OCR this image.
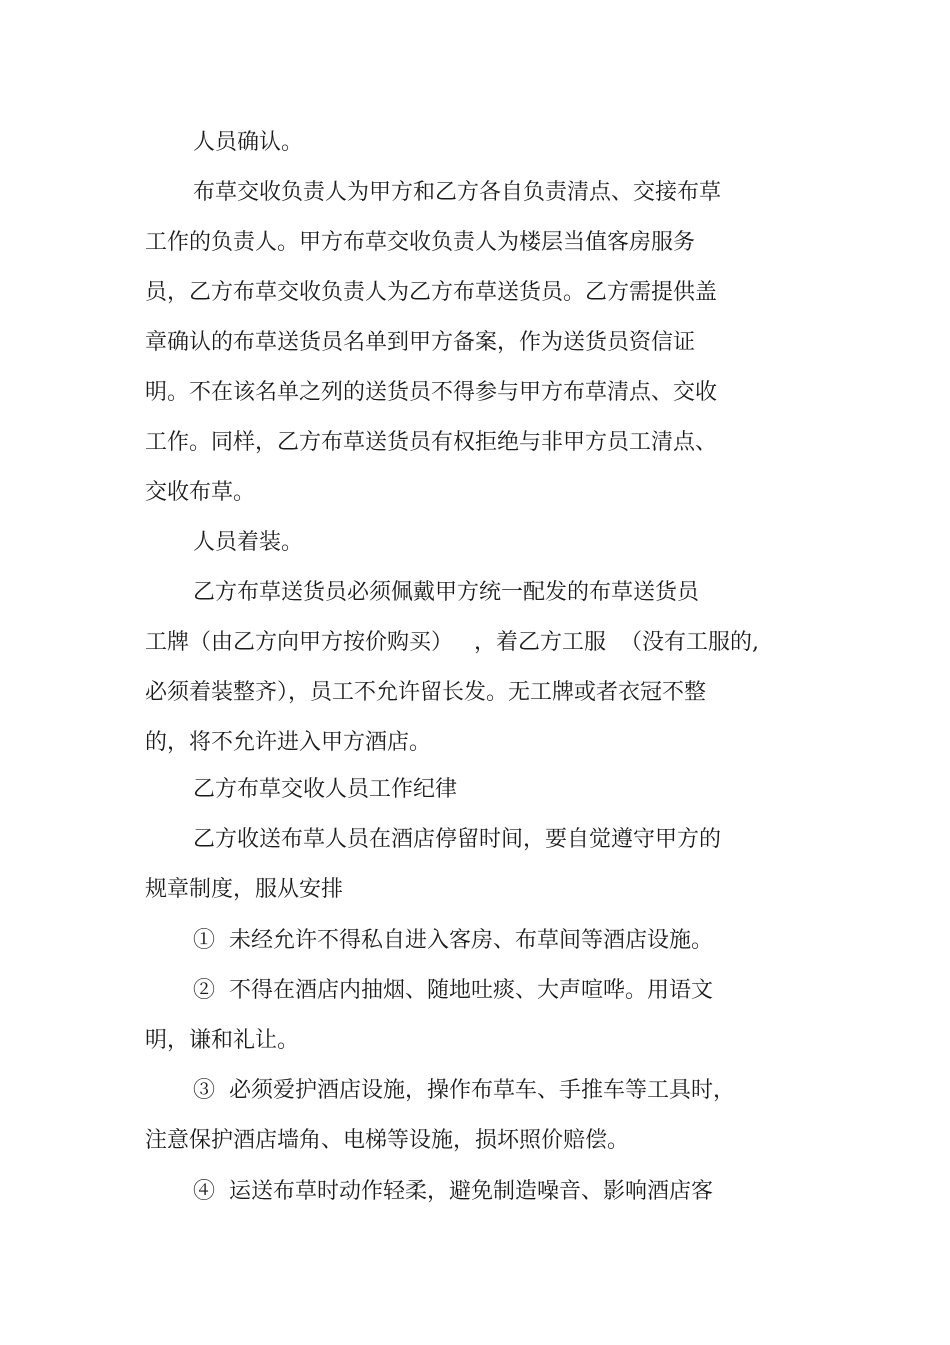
人员确认。
布草交收负责人为甲方和乙方各自负责清点、交接布草
工作的负责人。甲方布草交收负责人为楼层当值客房服务
员，乙方布草交收负责人为乙方布草送货员。乙方需提供盖
章确认的布草送货员名单到甲方备案，作为送货员资信证
明。不在该名单之列的送货员不得参与甲方布草清点、交收
工作。同样，乙方布草送货员有权拒绝与非甲方员工清点、
交收布草。
人员着装。
乙方布草送货员必须佩戴甲方统一配发的布草送货员
工牌（由乙方向甲方按价购买）   ，着乙方工服  （没有工服的,
必须着装整齐），员工不允许留长发。无工牌或者衣冠不整
的，将不允许进入甲方酒店。
乙方布草交收人员工作纪律
乙方收送布草人员在酒店停留时间，要自觉遵守甲方的
规章制度，服从安排
①  未经允许不得私自进入客房、布草间等酒店设施。
②  不得在酒店内抽烟、随地吐痰、大声喧哗。用语文
明，谦和礼让。
③  必须爱护酒店设施，操作布草车、手推车等工具时，
注意保护酒店墙角、电梯等设施，损坏照价赔偿。
④  运送布草时动作轻柔，避免制造噪音、影响酒店客
